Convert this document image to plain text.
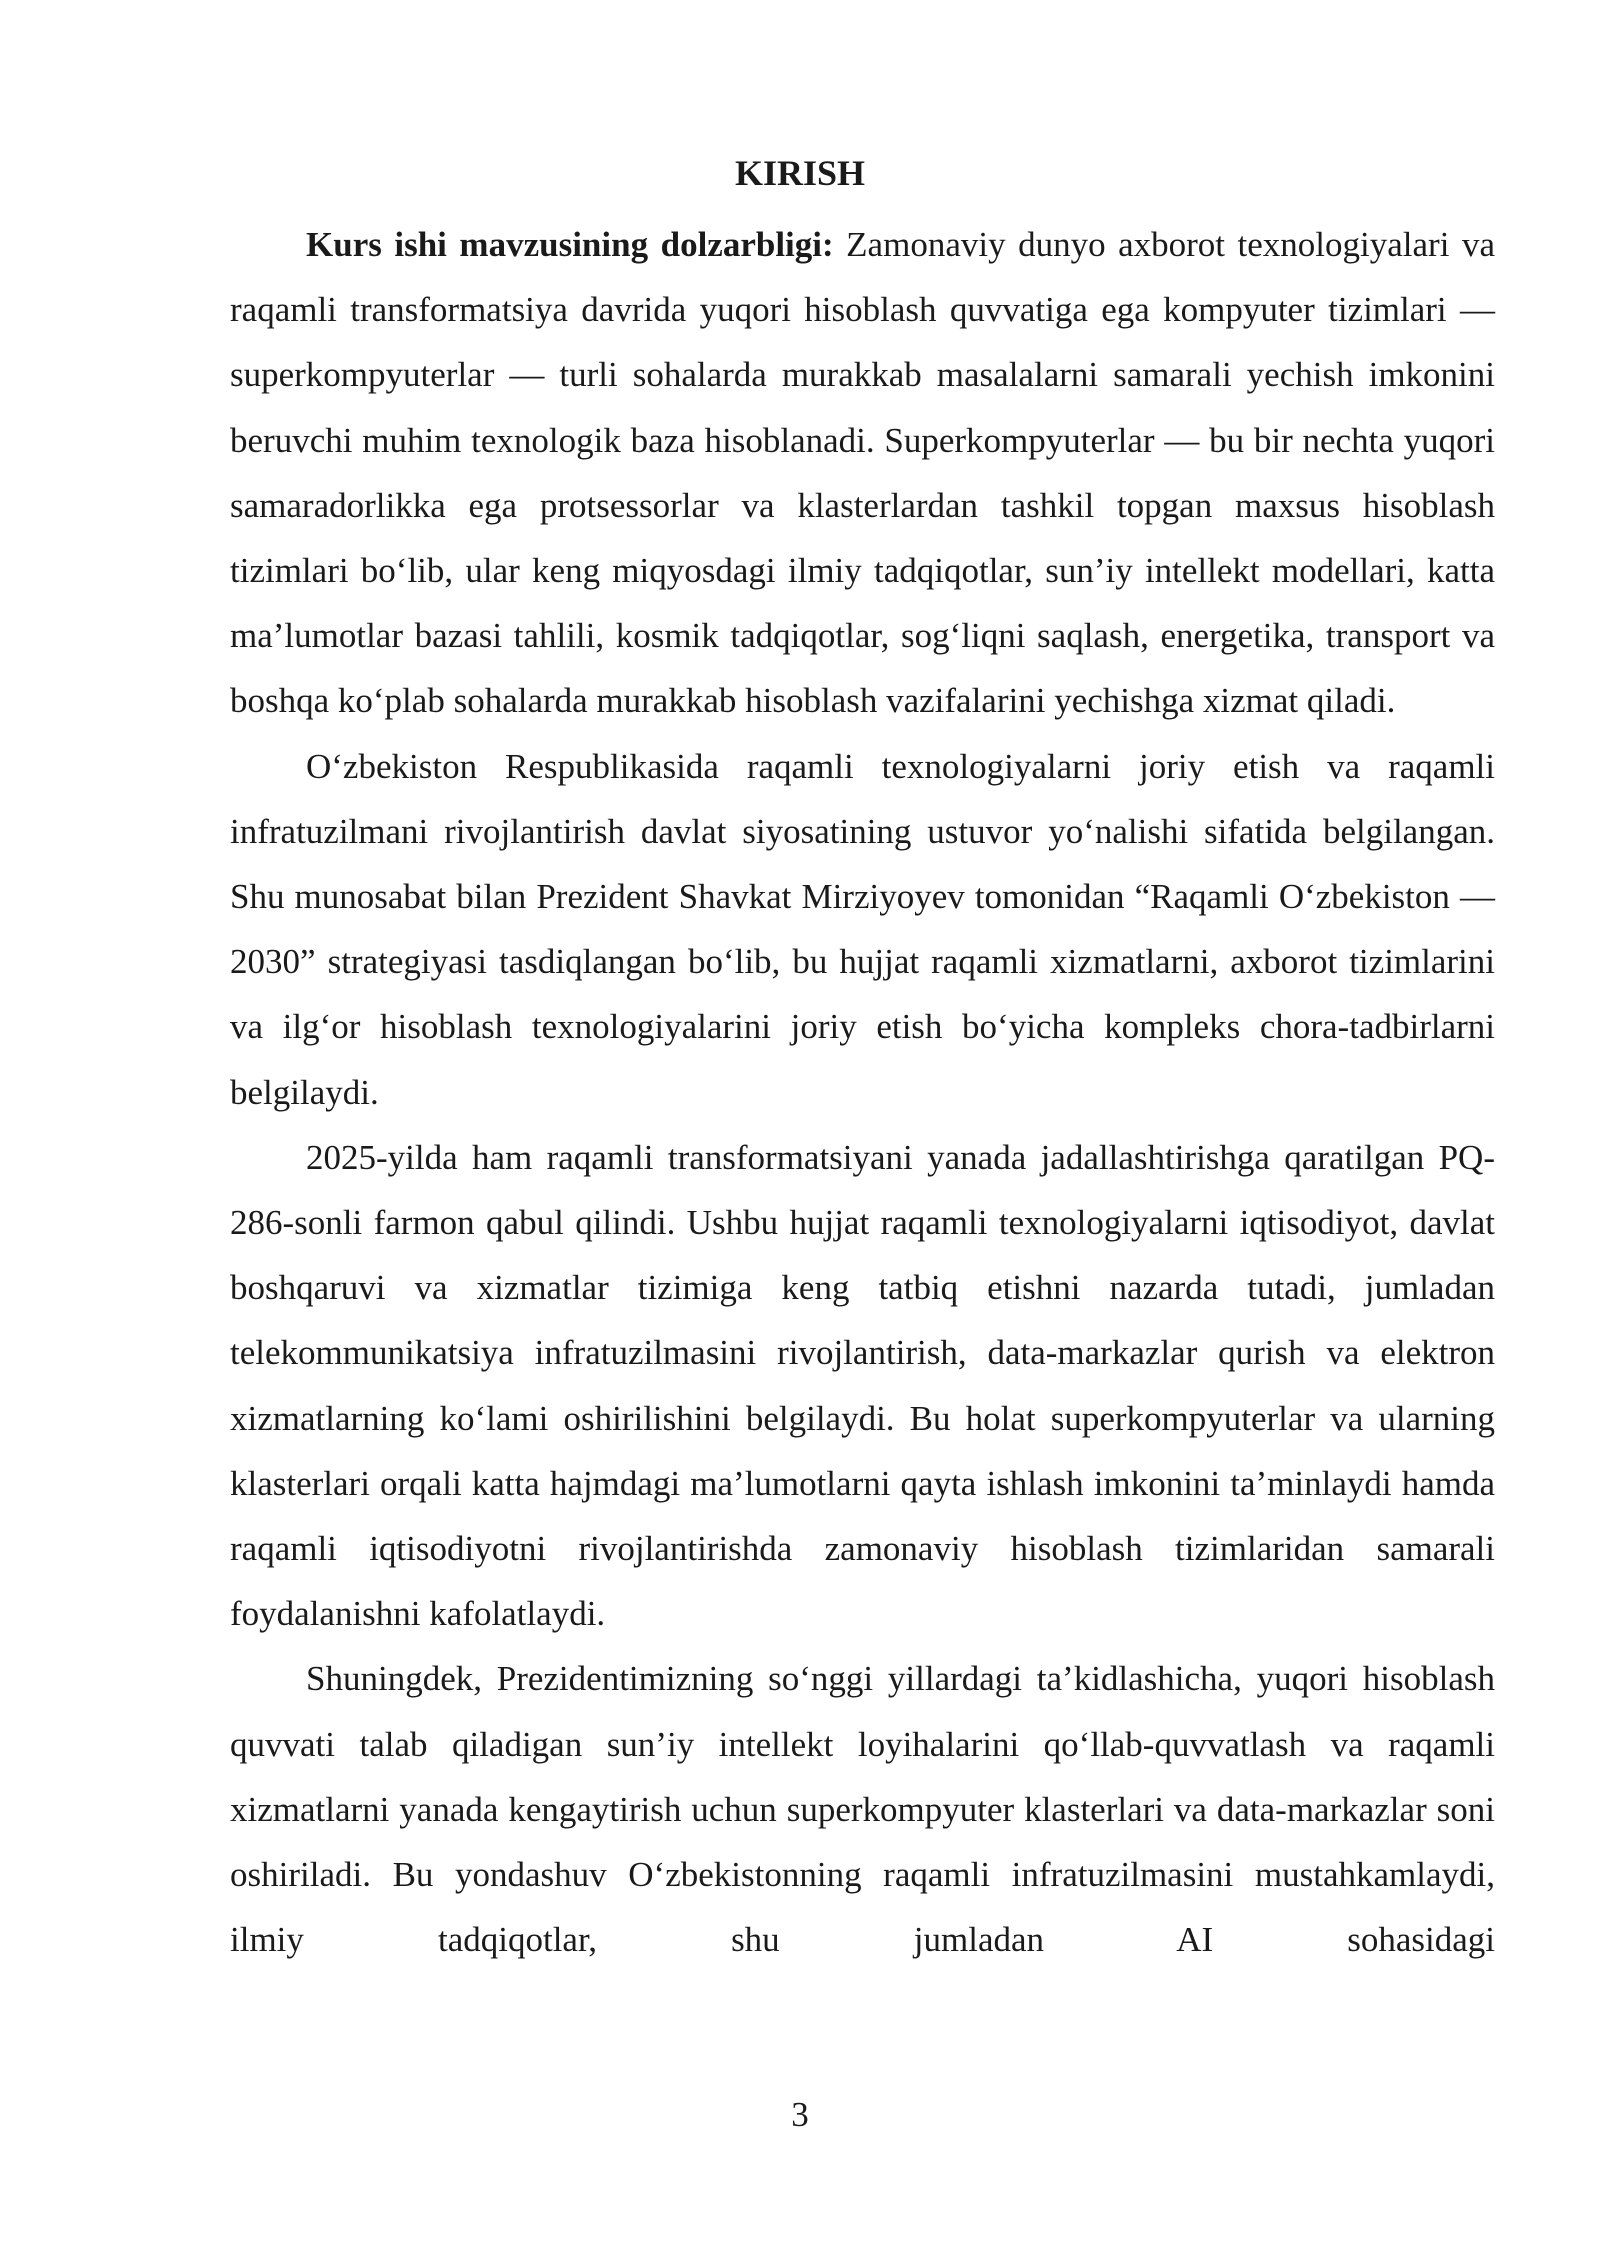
KIRISH

Kurs ishi mavzusining dolzarbligi: Zamonaviy dunyo axborot texnologiyalari va raqamli transformatsiya davrida yuqori hisoblash quvvatiga ega kompyuter tizimlari — superkompyuterlar — turli sohalarda murakkab masalalarni samarali yechish imkonini beruvchi muhim texnologik baza hisoblanadi. Superkompyuterlar — bu bir nechta yuqori samaradorlikka ega protsessorlar va klasterlardan tashkil topgan maxsus hisoblash tizimlari bo‘lib, ular keng miqyosdagi ilmiy tadqiqotlar, sun’iy intellekt modellari, katta ma’lumotlar bazasi tahlili, kosmik tadqiqotlar, sog‘liqni saqlash, energetika, transport va boshqa ko‘plab sohalarda murakkab hisoblash vazifalarini yechishga xizmat qiladi.

O‘zbekiston Respublikasida raqamli texnologiyalarni joriy etish va raqamli infratuzilmani rivojlantirish davlat siyosatining ustuvor yo‘nalishi sifatida belgilangan. Shu munosabat bilan Prezident Shavkat Mirziyoyev tomonidan “Raqamli O‘zbekiston — 2030” strategiyasi tasdiqlangan bo‘lib, bu hujjat raqamli xizmatlarni, axborot tizimlarini va ilg‘or hisoblash texnologiyalarini joriy etish bo‘yicha kompleks chora-tadbirlarni belgilaydi.

2025-yilda ham raqamli transformatsiyani yanada jadallashtirishga qaratilgan PQ-286-sonli farmon qabul qilindi. Ushbu hujjat raqamli texnologiyalarni iqtisodiyot, davlat boshqaruvi va xizmatlar tizimiga keng tatbiq etishni nazarda tutadi, jumladan telekommunikatsiya infratuzilmasini rivojlantirish, data-markazlar qurish va elektron xizmatlarning ko‘lami oshirilishini belgilaydi. Bu holat superkompyuterlar va ularning klasterlari orqali katta hajmdagi ma’lumotlarni qayta ishlash imkonini ta’minlaydi hamda raqamli iqtisodiyotni rivojlantirishda zamonaviy hisoblash tizimlaridan samarali foydalanishni kafolatlaydi.

Shuningdek, Prezidentimizning so‘nggi yillardagi ta’kidlashicha, yuqori hisoblash quvvati talab qiladigan sun’iy intellekt loyihalarini qo‘llab-quvvatlash va raqamli xizmatlarni yanada kengaytirish uchun superkompyuter klasterlari va data-markazlar soni oshiriladi. Bu yondashuv O‘zbekistonning raqamli infratuzilmasini mustahkamlaydi, ilmiy tadqiqotlar, shu jumladan AI sohasidagi

3
